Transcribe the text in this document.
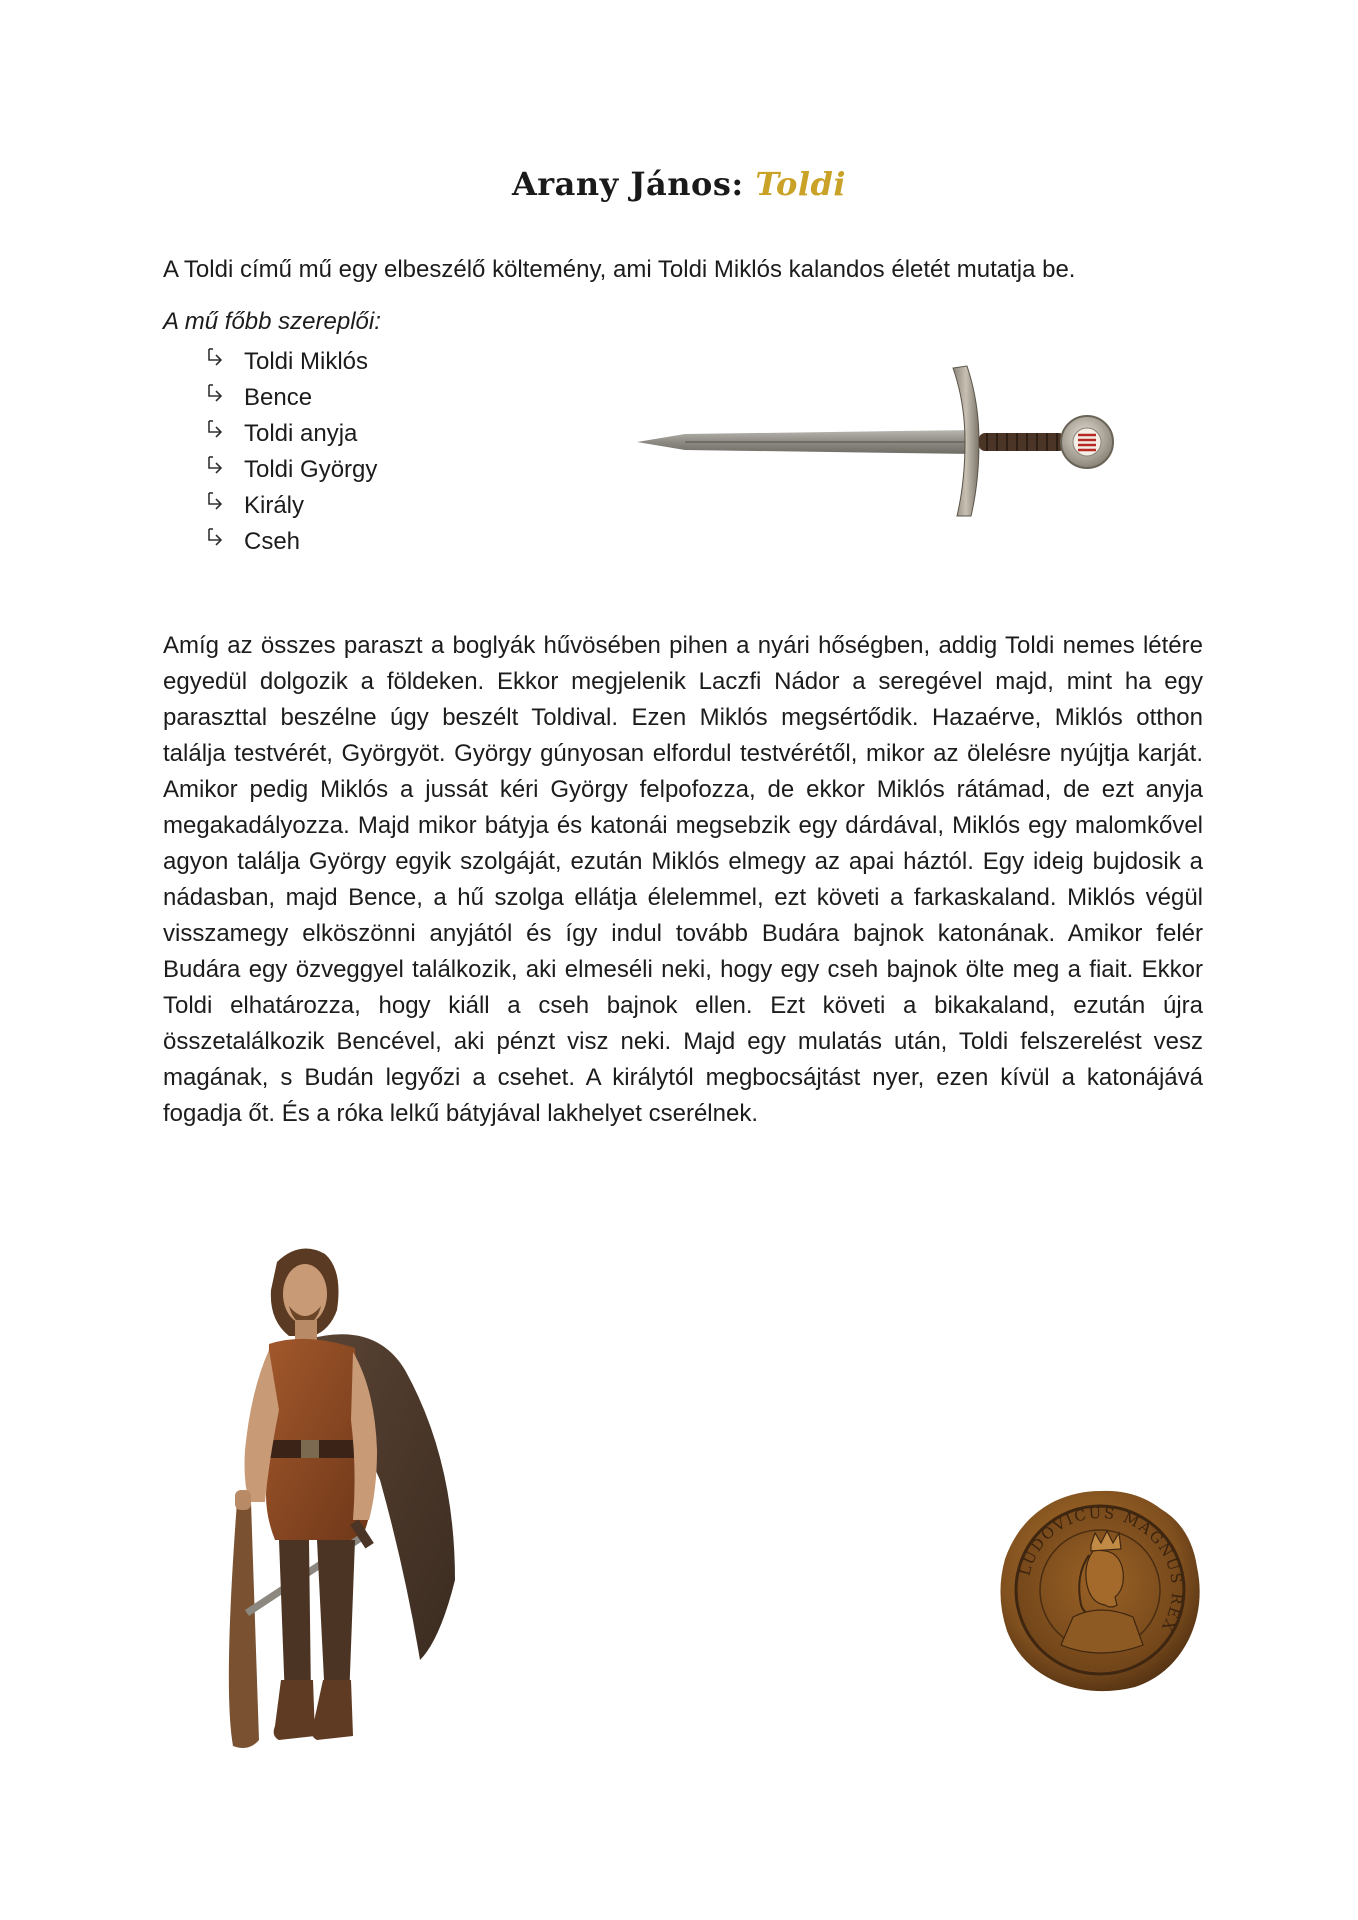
Arany János: Toldi
A Toldi című mű egy elbeszélő költemény, ami Toldi Miklós kalandos életét mutatja be.
A mű főbb szereplői:
Toldi Miklós
Bence
Toldi anyja
Toldi György
Király
Cseh

Amíg az összes paraszt a boglyák hűvösében pihen a nyári hőségben, addig Toldi nemes létére egyedül dolgozik a földeken. Ekkor megjelenik Laczfi Nádor a seregével majd, mint ha egy paraszttal beszélne úgy beszélt Toldival. Ezen Miklós megsértődik. Hazaérve, Miklós otthon találja testvérét, Györgyöt. György gúnyosan elfordul testvérétől, mikor az ölelésre nyújtja karját. Amikor pedig Miklós a jussát kéri György felpofozza, de ekkor Miklós rátámad, de ezt anyja megakadályozza. Majd mikor bátyja és katonái megsebzik egy dárdával, Miklós egy malomkővel agyon találja György egyik szolgáját, ezután Miklós elmegy az apai háztól. Egy ideig bujdosik a nádasban, majd Bence, a hű szolga ellátja élelemmel, ezt követi a farkaskaland. Miklós végül visszamegy elköszönni anyjától és így indul tovább Budára bajnok katonának. Amikor felér Budára egy özveggyel találkozik, aki elmeséli neki, hogy egy cseh bajnok ölte meg a fiait. Ekkor Toldi elhatározza, hogy kiáll a cseh bajnok ellen. Ezt követi a bikakaland, ezután újra összetalálkozik Bencével, aki pénzt visz neki. Majd egy mulatás után, Toldi felszerelést vesz magának, s Budán legyőzi a csehet. A királytól megbocsájtást nyer, ezen kívül a katonájává fogadja őt. És a róka lelkű bátyjával lakhelyet cserélnek.

LUDOVICUS MAGNUS REX
